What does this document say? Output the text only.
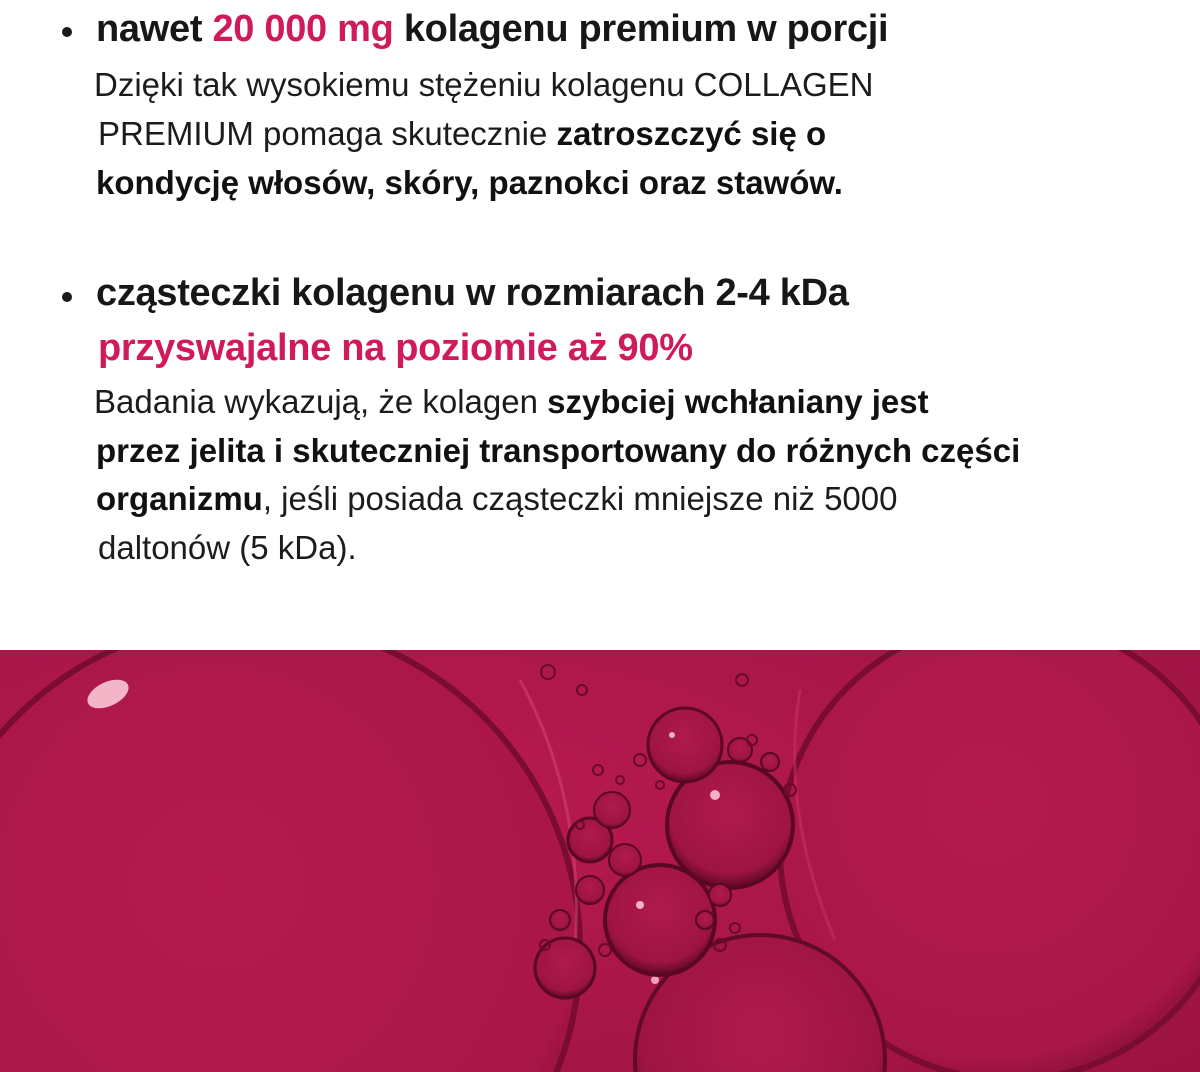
nawet 20 000 mg kolagenu premium w porcji
Dzięki tak wysokiemu stężeniu kolagenu COLLAGEN
PREMIUM pomaga skutecznie zatroszczyć się o
kondycję włosów, skóry, paznokci oraz stawów.
cząsteczki kolagenu w rozmiarach 2-4 kDa
przyswajalne na poziomie aż 90%
Badania wykazują, że kolagen szybciej wchłaniany jest
przez jelita i skuteczniej transportowany do różnych części
organizmu, jeśli posiada cząsteczki mniejsze niż 5000
daltonów (5 kDa).
